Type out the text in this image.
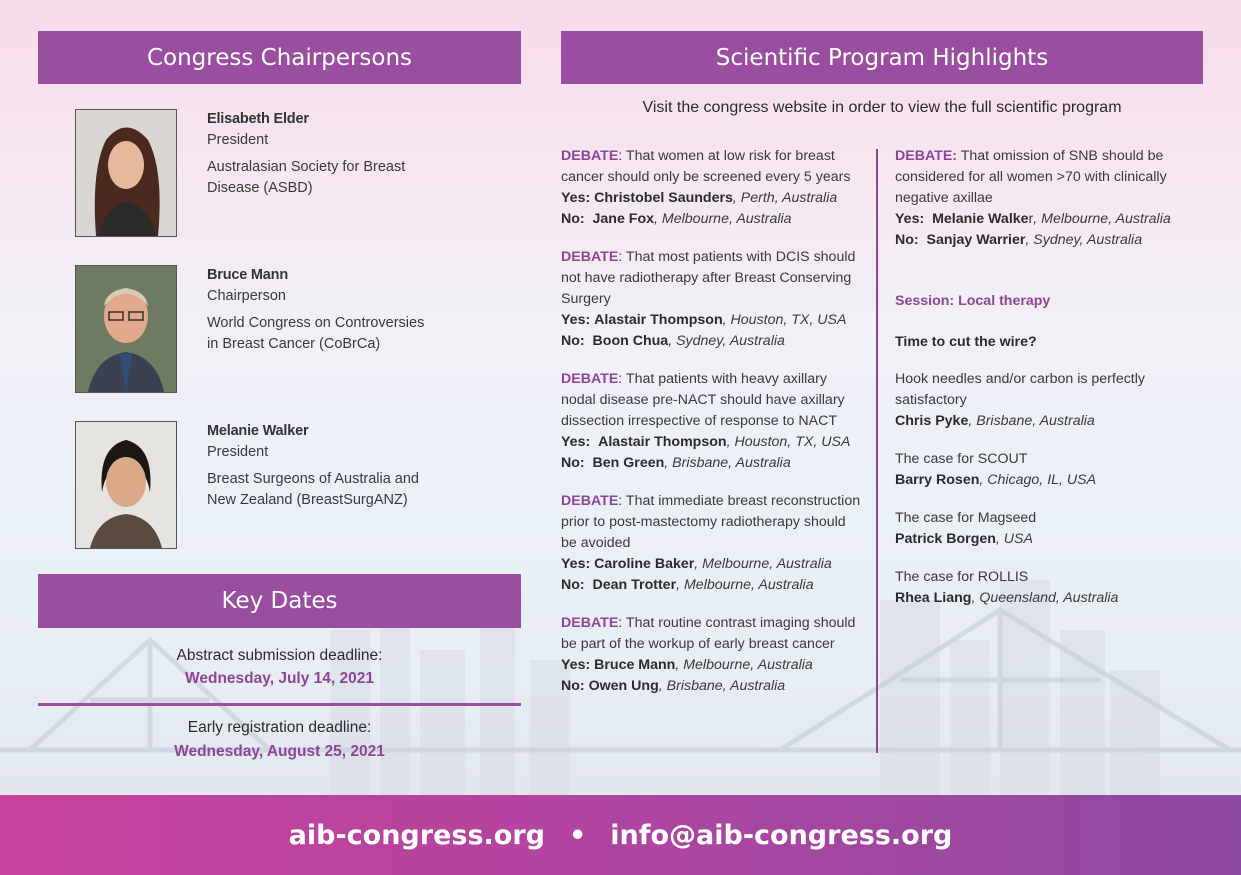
Congress Chairpersons
Elisabeth Elder
President
Australasian Society for Breast Disease (ASBD)
Bruce Mann
Chairperson
World Congress on Controversies in Breast Cancer (CoBrCa)
Melanie Walker
President
Breast Surgeons of Australia and New Zealand (BreastSurgANZ)
Key Dates
Abstract submission deadline:
Wednesday, July 14, 2021
Early registration deadline:
Wednesday, August 25, 2021
Scientific Program Highlights
Visit the congress website in order to view the full scientific program
DEBATE: That women at low risk for breast cancer should only be screened every 5 years
Yes: Christobel Saunders, Perth, Australia
No: Jane Fox, Melbourne, Australia
DEBATE: That most patients with DCIS should not have radiotherapy after Breast Conserving Surgery
Yes: Alastair Thompson, Houston, TX, USA
No: Boon Chua, Sydney, Australia
DEBATE: That patients with heavy axillary nodal disease pre-NACT should have axillary dissection irrespective of response to NACT
Yes: Alastair Thompson, Houston, TX, USA
No: Ben Green, Brisbane, Australia
DEBATE: That immediate breast reconstruction prior to post-mastectomy radiotherapy should be avoided
Yes: Caroline Baker, Melbourne, Australia
No: Dean Trotter, Melbourne, Australia
DEBATE: That routine contrast imaging should be part of the workup of early breast cancer
Yes: Bruce Mann, Melbourne, Australia
No: Owen Ung, Brisbane, Australia
DEBATE: That omission of SNB should be considered for all women >70 with clinically negative axillae
Yes: Melanie Walker, Melbourne, Australia
No: Sanjay Warrier, Sydney, Australia
Session: Local therapy
Time to cut the wire?
Hook needles and/or carbon is perfectly satisfactory
Chris Pyke, Brisbane, Australia
The case for SCOUT
Barry Rosen, Chicago, IL, USA
The case for Magseed
Patrick Borgen, USA
The case for ROLLIS
Rhea Liang, Queensland, Australia
aib-congress.org • info@aib-congress.org
